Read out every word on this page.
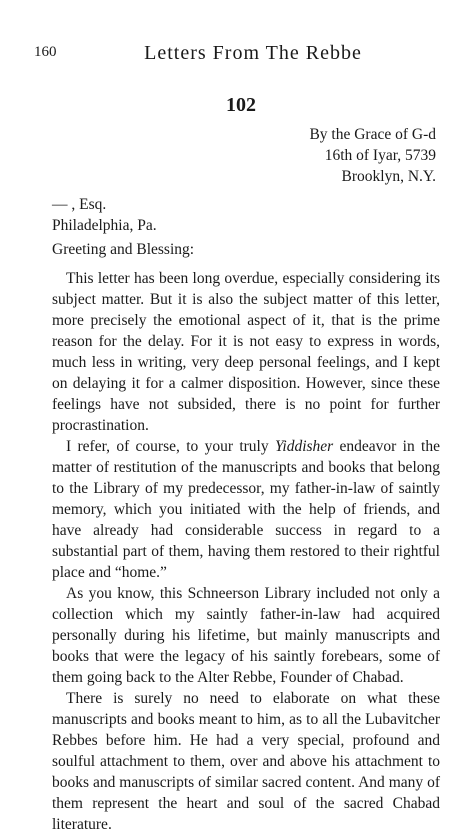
160	Letters From The Rebbe
102
By the Grace of G-d
16th of Iyar, 5739
Brooklyn, N.Y.
— , Esq.
Philadelphia, Pa.
Greeting and Blessing:

This letter has been long overdue, especially considering its subject matter. But it is also the subject matter of this letter, more precisely the emotional aspect of it, that is the prime reason for the delay. For it is not easy to express in words, much less in writing, very deep personal feelings, and I kept on delaying it for a calmer disposition. However, since these feelings have not subsided, there is no point for further procrastination.

I refer, of course, to your truly Yiddisher endeavor in the matter of restitution of the manuscripts and books that belong to the Library of my predecessor, my father-in-law of saintly memory, which you initiated with the help of friends, and have already had considerable success in regard to a substantial part of them, having them restored to their rightful place and “home.”

As you know, this Schneerson Library included not only a collection which my saintly father-in-law had acquired personally during his lifetime, but mainly manuscripts and books that were the legacy of his saintly forebears, some of them going back to the Alter Rebbe, Founder of Chabad.

There is surely no need to elaborate on what these manuscripts and books meant to him, as to all the Lubavitcher Rebbes before him. He had a very special, profound and soulful attachment to them, over and above his attachment to books and manuscripts of similar sacred content. And many of them represent the heart and soul of the sacred Chabad literature.
